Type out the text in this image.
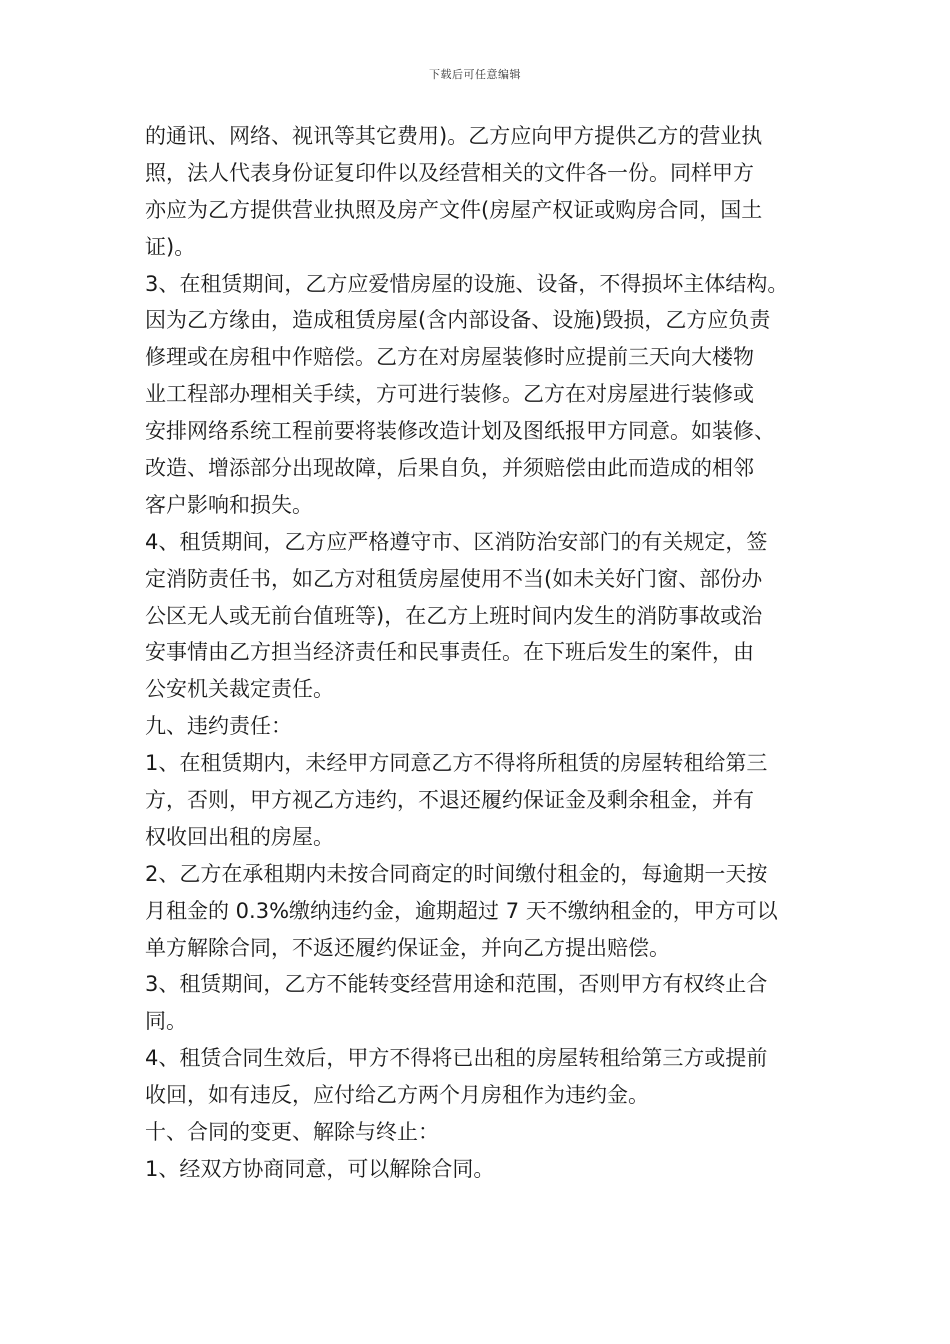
下载后可任意编辑
的通讯、网络、视讯等其它费用)。乙方应向甲方提供乙方的营业执
照，法人代表身份证复印件以及经营相关的文件各一份。同样甲方
亦应为乙方提供营业执照及房产文件(房屋产权证或购房合同，国土
证)。
3、在租赁期间，乙方应爱惜房屋的设施、设备，不得损坏主体结构。
因为乙方缘由，造成租赁房屋(含内部设备、设施)毁损，乙方应负责
修理或在房租中作赔偿。乙方在对房屋装修时应提前三天向大楼物
业工程部办理相关手续，方可进行装修。乙方在对房屋进行装修或
安排网络系统工程前要将装修改造计划及图纸报甲方同意。如装修、
改造、增添部分出现故障，后果自负，并须赔偿由此而造成的相邻
客户影响和损失。
4、租赁期间，乙方应严格遵守市、区消防治安部门的有关规定，签
定消防责任书，如乙方对租赁房屋使用不当(如未关好门窗、部份办
公区无人或无前台值班等)，在乙方上班时间内发生的消防事故或治
安事情由乙方担当经济责任和民事责任。在下班后发生的案件，由
公安机关裁定责任。
九、违约责任：
1、在租赁期内，未经甲方同意乙方不得将所租赁的房屋转租给第三
方，否则，甲方视乙方违约，不退还履约保证金及剩余租金，并有
权收回出租的房屋。
2、乙方在承租期内未按合同商定的时间缴付租金的，每逾期一天按
月租金的 0.3%缴纳违约金，逾期超过 7 天不缴纳租金的，甲方可以
单方解除合同，不返还履约保证金，并向乙方提出赔偿。
3、租赁期间，乙方不能转变经营用途和范围，否则甲方有权终止合
同。
4、租赁合同生效后，甲方不得将已出租的房屋转租给第三方或提前
收回，如有违反，应付给乙方两个月房租作为违约金。
十、合同的变更、解除与终止：
1、经双方协商同意，可以解除合同。
